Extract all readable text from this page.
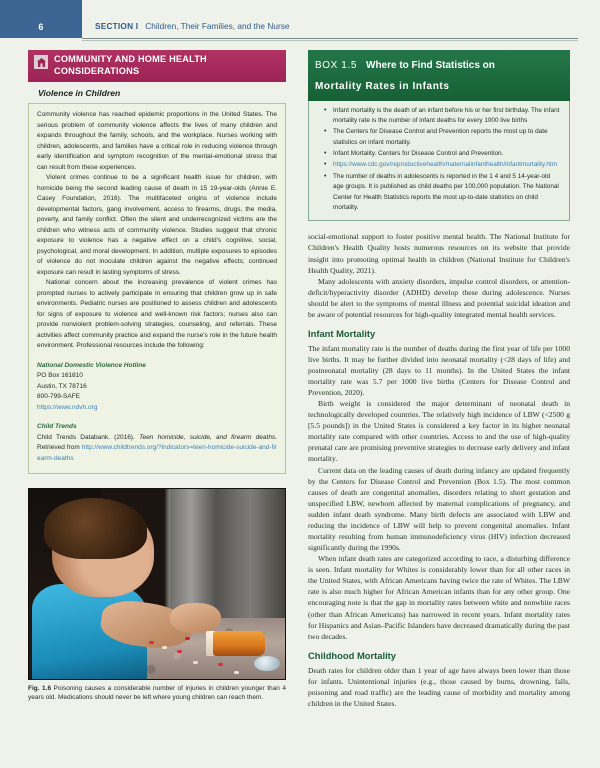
6	SECTION I Children, Their Families, and the Nurse
COMMUNITY AND HOME HEALTH
CONSIDERATIONS
Violence in Children

Community violence has reached epidemic proportions in the United States. The serious problem of community violence affects the lives of many children and expands throughout the family, schools, and the workplace. Nurses working with children, adolescents, and families have a critical role in reducing violence through early identification and symptom recognition of the mental-emotional stress that can result from these experiences.

Violent crimes continue to be a significant health issue for children, with homicide being the second leading cause of death in 15 19-year-olds (Annie E. Casey Foundation, 2016). The multifaceted origins of violence include developmental factors, gang involvement, access to firearms, drugs, the media, poverty, and family conflict. Often the silent and underrecognized victims are the children who witness acts of community violence. Studies suggest that chronic exposure to violence has a negative effect on a child's cognitive, social, psychological, and moral development. In addition, multiple exposures to episodes of violence do not inoculate children against the negative effects; continued exposure can result in lasting symptoms of stress.

National concern about the increasing prevalence of violent crimes has prompted nurses to actively participate in ensuring that children grow up in safe environments. Pediatric nurses are positioned to assess children and adolescents for signs of exposure to violence and well-known risk factors; nurses also can provide nonviolent problem-solving strategies, counseling, and referrals. These activities affect community practice and expand the nurse's role in the future health environment. Professional resources include the following:

National Domestic Violence Hotline
PO Box 161810
Austin, TX 78716
800-799-SAFE
https://www.ndvh.org
Child Trends
Child Trends Databank. (2016). Teen homicide, suicide, and firearm deaths. Retrieved from http://www.childtrends.org/?indicators=teen-homicide-suicide-and-firearm-deaths
Fig. 1.6 Poisoning causes a considerable number of injuries in children younger than 4 years old. Medications should never be left where young children can reach them.
BOX 1.5 Where to Find Statistics on
Mortality Rates in Infants
• Infant mortality is the death of an infant before his or her first birthday. The infant mortality rate is the number of infant deaths for every 1000 live births
• The Centers for Disease Control and Prevention reports the most up to date statistics on infant mortality.
• Infant Mortality. Centers for Disease Control and Prevention.
• https://www.cdc.gov/reproductivehealth/maternalinfanthealth/infantmortality.htm
• The number of deaths in adolescents is reported in the 1 4 and 5 14-year-old age groups. It is published as child deaths per 100,000 population. The National Center for Health Statistics reports the most up-to-date statistics on child mortality.

social-emotional support to foster positive mental health. The National Institute for Children's Health Quality hosts numerous resources on its website that provide insight into promoting optimal health in children (National Institute for Children's Health Quality, 2021).

Many adolescents with anxiety disorders, impulse control disorders, or attention-deficit/hyperactivity disorder (ADHD) develop these during adolescence. Nurses should be alert to the symptoms of mental illness and potential suicidal ideation and be aware of potential resources for high-quality integrated mental health services.

Infant Mortality

The infant mortality rate is the number of deaths during the first year of life per 1000 live births. It may be further divided into neonatal mortality (<28 days of life) and postneonatal mortality (28 days to 11 months). In the United States the infant mortality rate was 5.7 per 1000 live births (Centers for Disease Control and Prevention, 2020).

Birth weight is considered the major determinant of neonatal death in technologically developed countries. The relatively high incidence of LBW (<2500 g [5.5 pounds]) in the United States is considered a key factor in its higher neonatal mortality rate compared with other countries. Access to and the use of high-quality prenatal care are promising preventive strategies to decrease early delivery and infant mortality.

Current data on the leading causes of death during infancy are updated frequently by the Centers for Disease Control and Prevention (Box 1.5). The most common causes of death are congenital anomalies, disorders relating to short gestation and unspecified LBW, newborn affected by maternal complications of pregnancy, and sudden infant death syndrome. Many birth defects are associated with LBW and reducing the incidence of LBW will help to prevent congenital anomalies. Infant mortality resulting from human immunodeficiency virus (HIV) infection decreased significantly during the 1990s.

When infant death rates are categorized according to race, a disturbing difference is seen. Infant mortality for Whites is considerably lower than for all other races in the United States, with African Americans having twice the rate of Whites. The LBW rate is also much higher for African American infants than for any other group. One encouraging note is that the gap in mortality rates between white and nonwhite races (other than African Americans) has narrowed in recent years. Infant mortality rates for Hispanics and Asian–Pacific Islanders have decreased dramatically during the past two decades.

Childhood Mortality

Death rates for children older than 1 year of age have always been lower than those for infants. Unintentional injuries (e.g., those caused by burns, drowning, falls, poisoning and road traffic) are the leading cause of morbidity and mortality among children in the United States.
